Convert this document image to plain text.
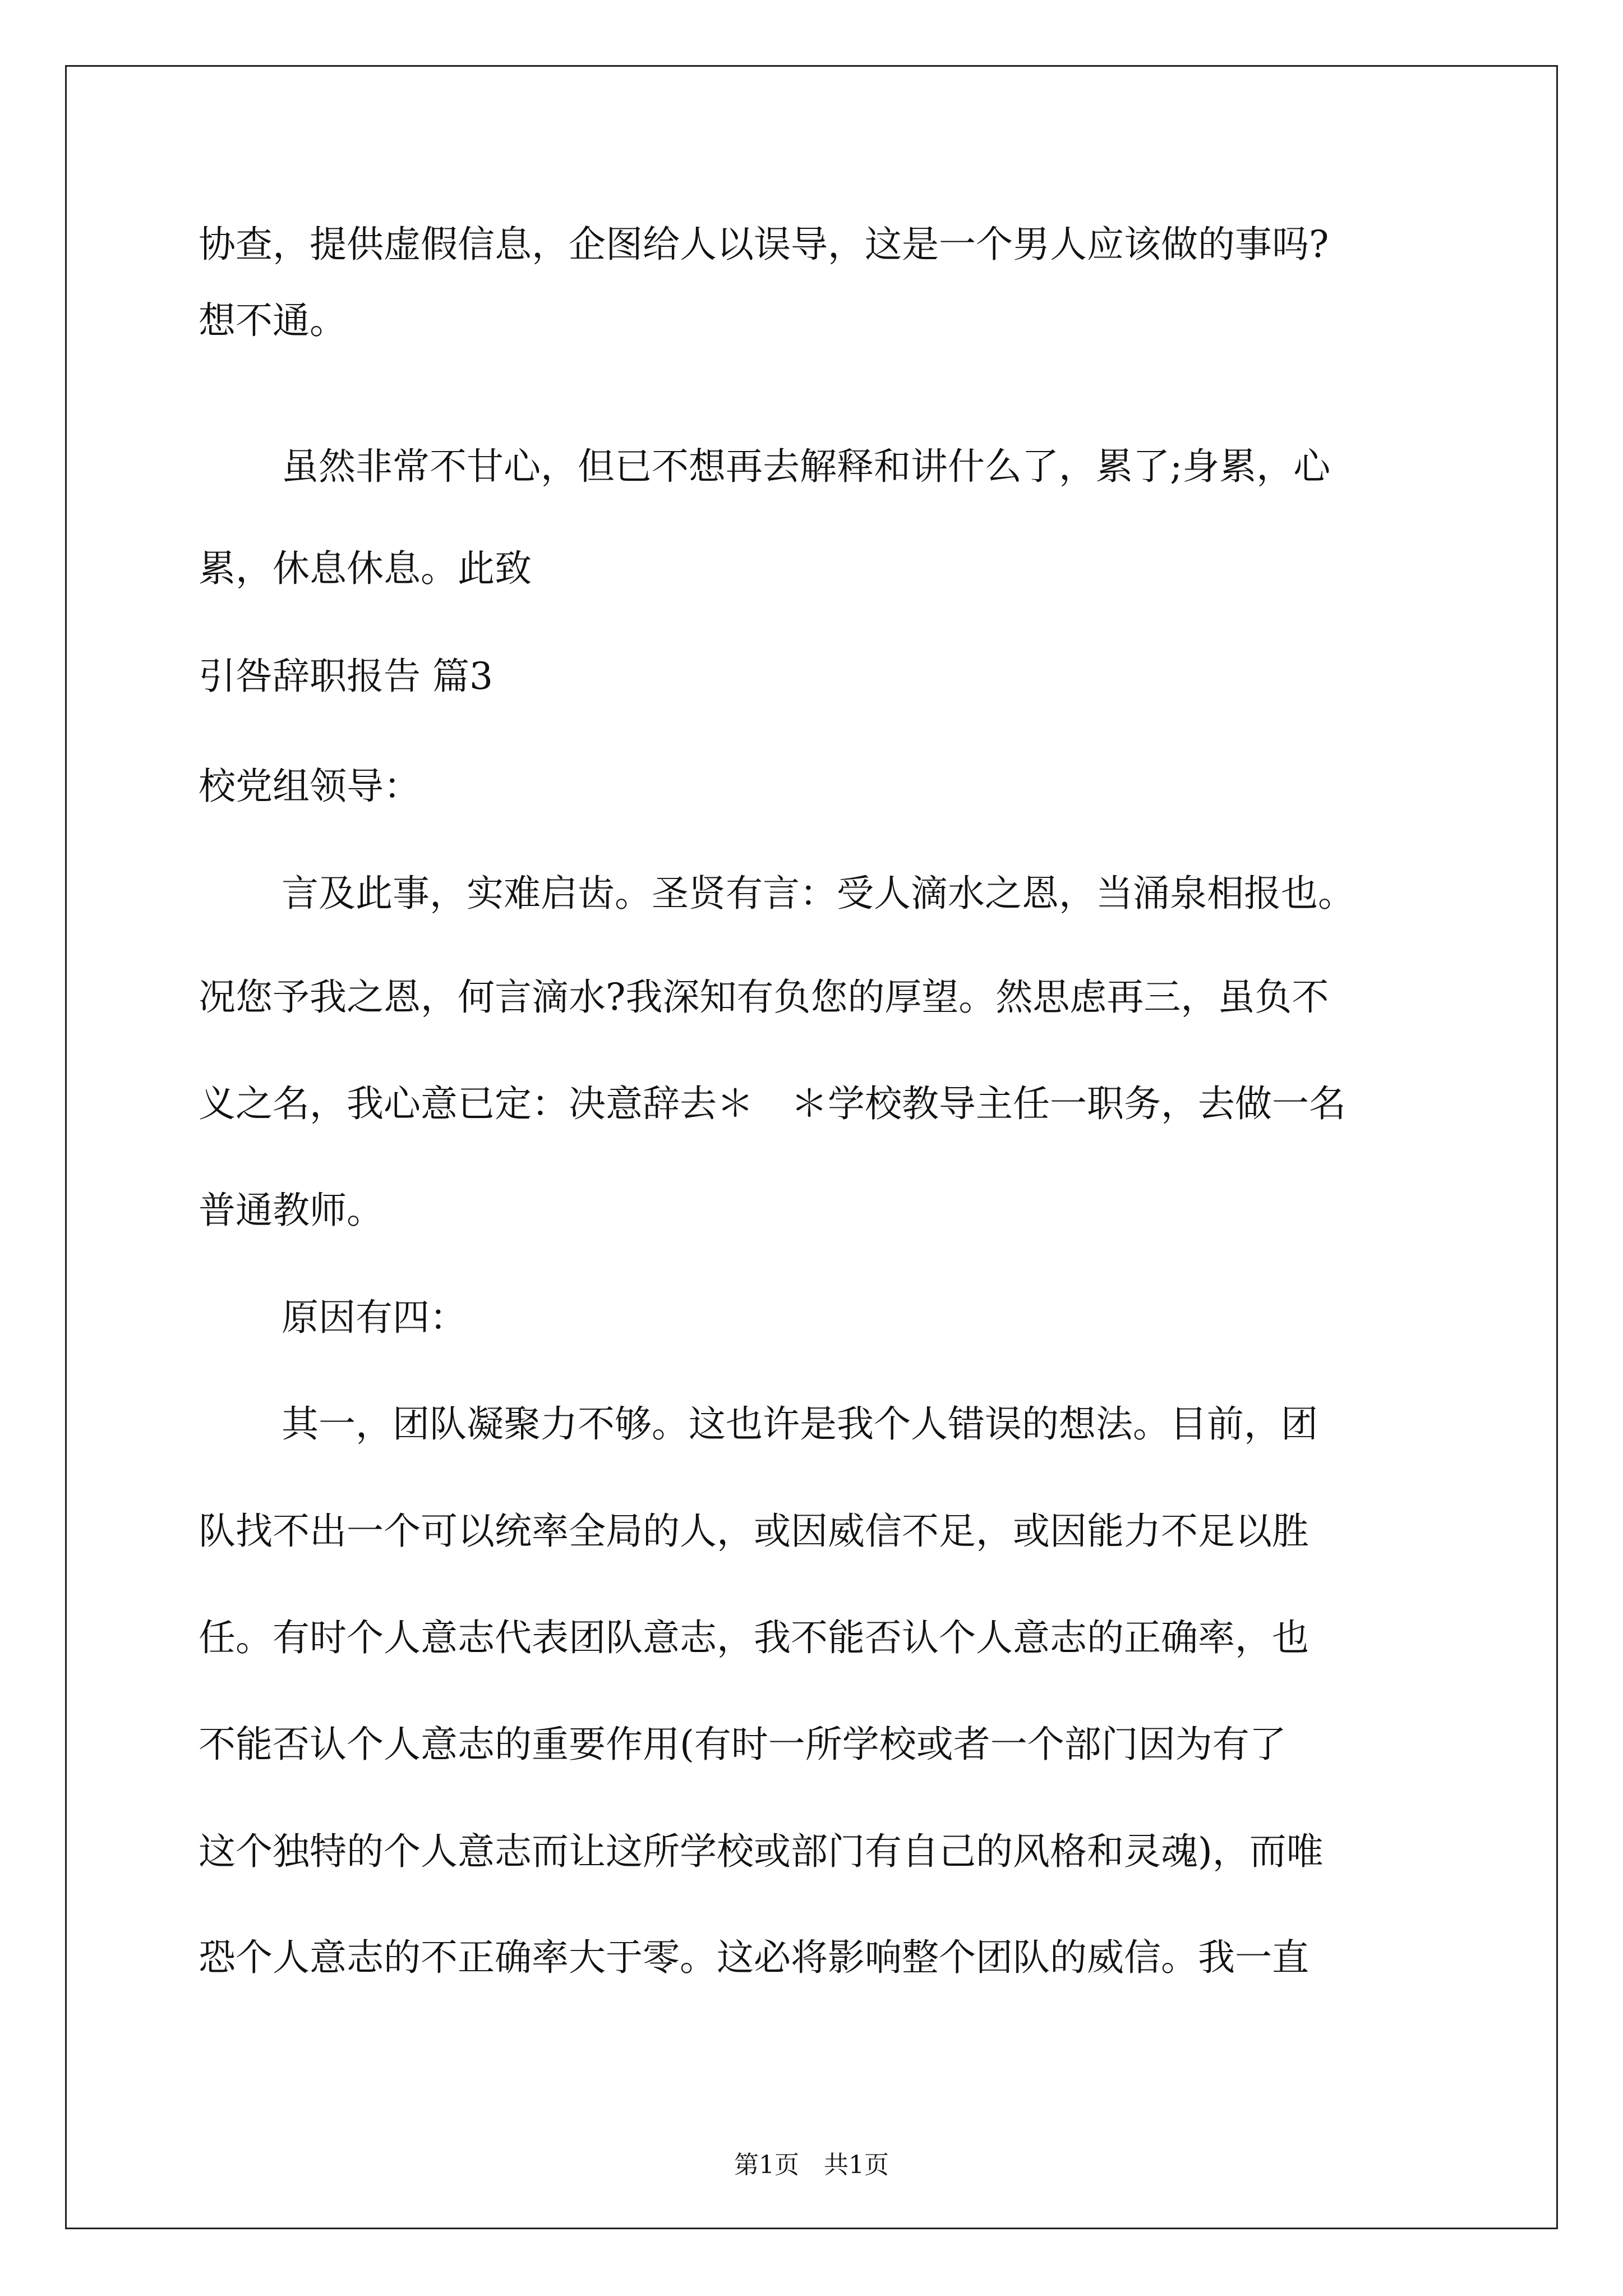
协查，提供虚假信息，企图给人以误导，这是一个男人应该做的事吗?
想不通。
虽然非常不甘心，但已不想再去解释和讲什么了，累了;身累，心
累，休息休息。此致
引咎辞职报告 篇3
校党组领导：
言及此事，实难启齿。圣贤有言：受人滴水之恩，当涌泉相报也。
况您予我之恩，何言滴水?我深知有负您的厚望。然思虑再三，虽负不
义之名，我心意已定：决意辞去＊　＊学校教导主任一职务，去做一名
普通教师。
原因有四：
其一，团队凝聚力不够。这也许是我个人错误的想法。目前，团
队找不出一个可以统率全局的人，或因威信不足，或因能力不足以胜
任。有时个人意志代表团队意志，我不能否认个人意志的正确率，也
不能否认个人意志的重要作用(有时一所学校或者一个部门因为有了
这个独特的个人意志而让这所学校或部门有自己的风格和灵魂)，而唯
恐个人意志的不正确率大于零。这必将影响整个团队的威信。我一直
第1页　共1页
